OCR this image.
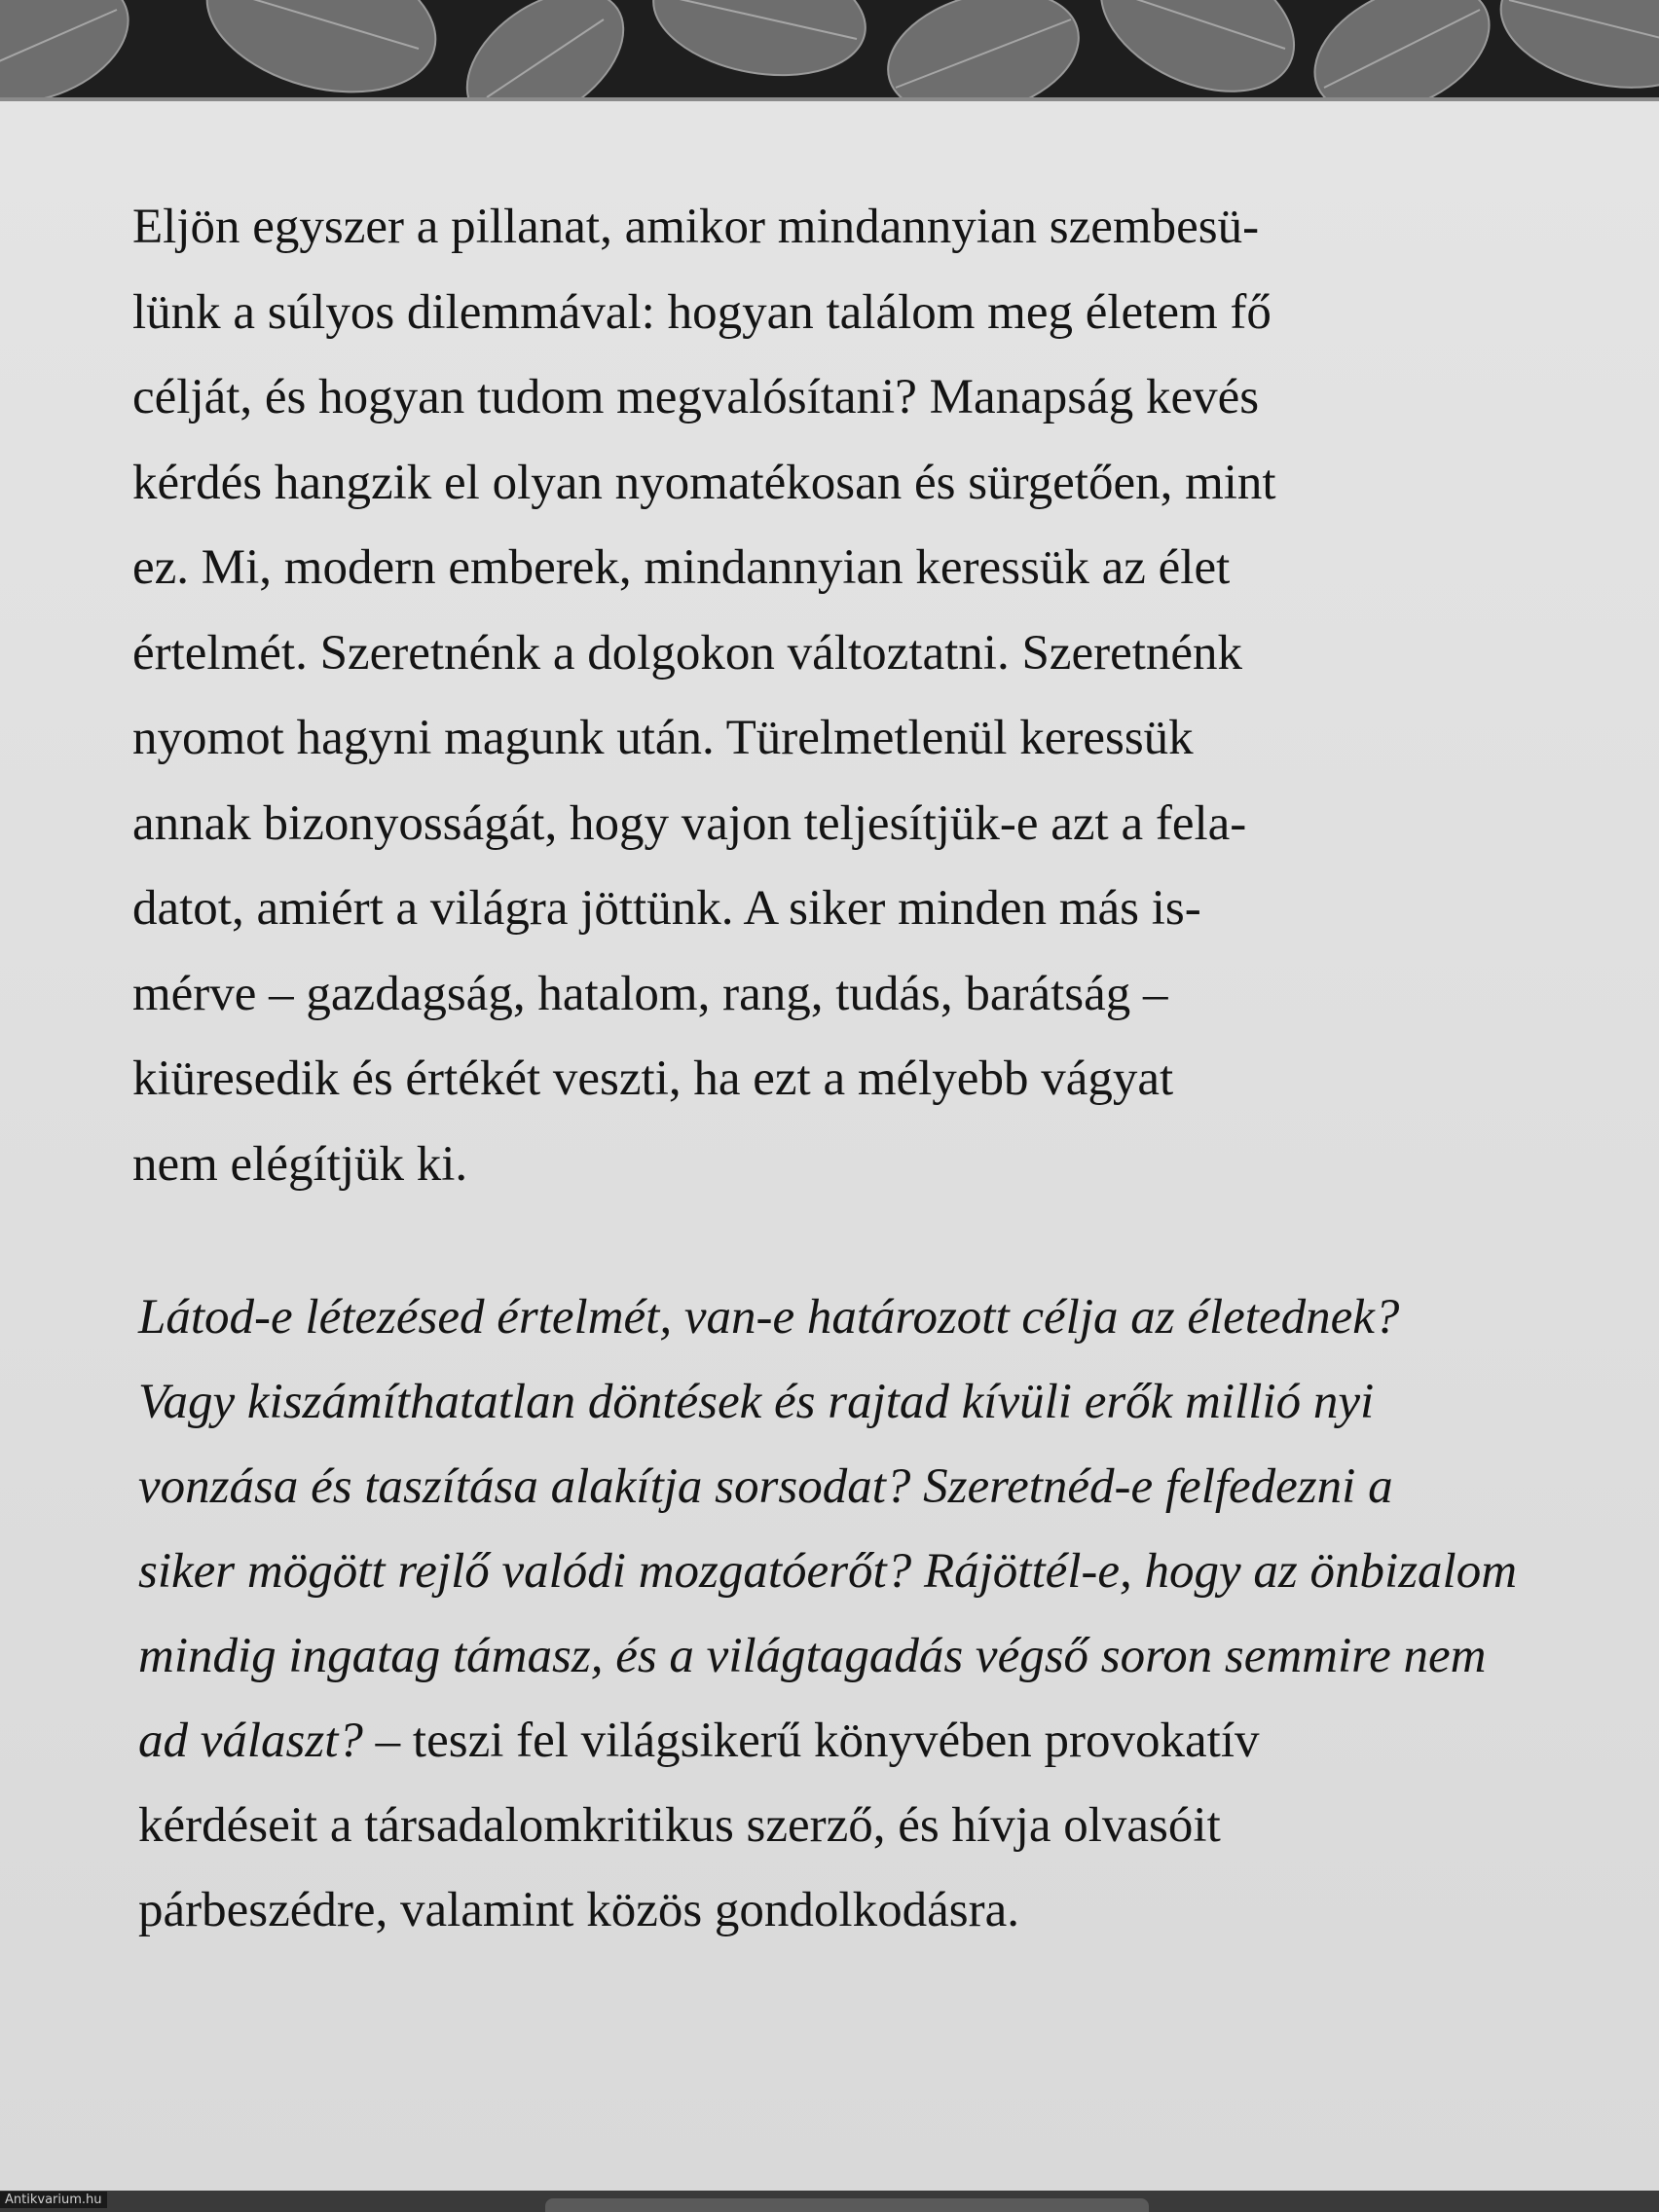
Eljön egyszer a pillanat, amikor mindannyian szembesü-
lünk a súlyos dilemmával: hogyan találom meg életem fő
célját, és hogyan tudom megvalósítani? Manapság kevés
kérdés hangzik el olyan nyomatékosan és sürgetően, mint
ez. Mi, modern emberek, mindannyian keressük az élet
értelmét. Szeretnénk a dolgokon változtatni. Szeretnénk
nyomot hagyni magunk után. Türelmetlenül keressük
annak bizonyosságát, hogy vajon teljesítjük-e azt a fela-
datot, amiért a világra jöttünk. A siker minden más is-
mérve – gazdagság, hatalom, rang, tudás, barátság –
kiüresedik és értékét veszti, ha ezt a mélyebb vágyat
nem elégítjük ki.
Látod-e létezésed értelmét, van-e határozott célja az életednek?
Vagy kiszámíthatatlan döntések és rajtad kívüli erők millió nyi
vonzása és taszítása alakítja sorsodat? Szeretnéd-e felfedezni a
siker mögött rejlő valódi mozgatóerőt? Rájöttél-e, hogy az önbizalom
mindig ingatag támasz, és a világtagadás végső soron semmire nem
ad választ? – teszi fel világsikerű könyvében provokatív
kérdéseit a társadalomkritikus szerző, és hívja olvasóit
párbeszédre, valamint közös gondolkodásra.
Antikvarium.hu
